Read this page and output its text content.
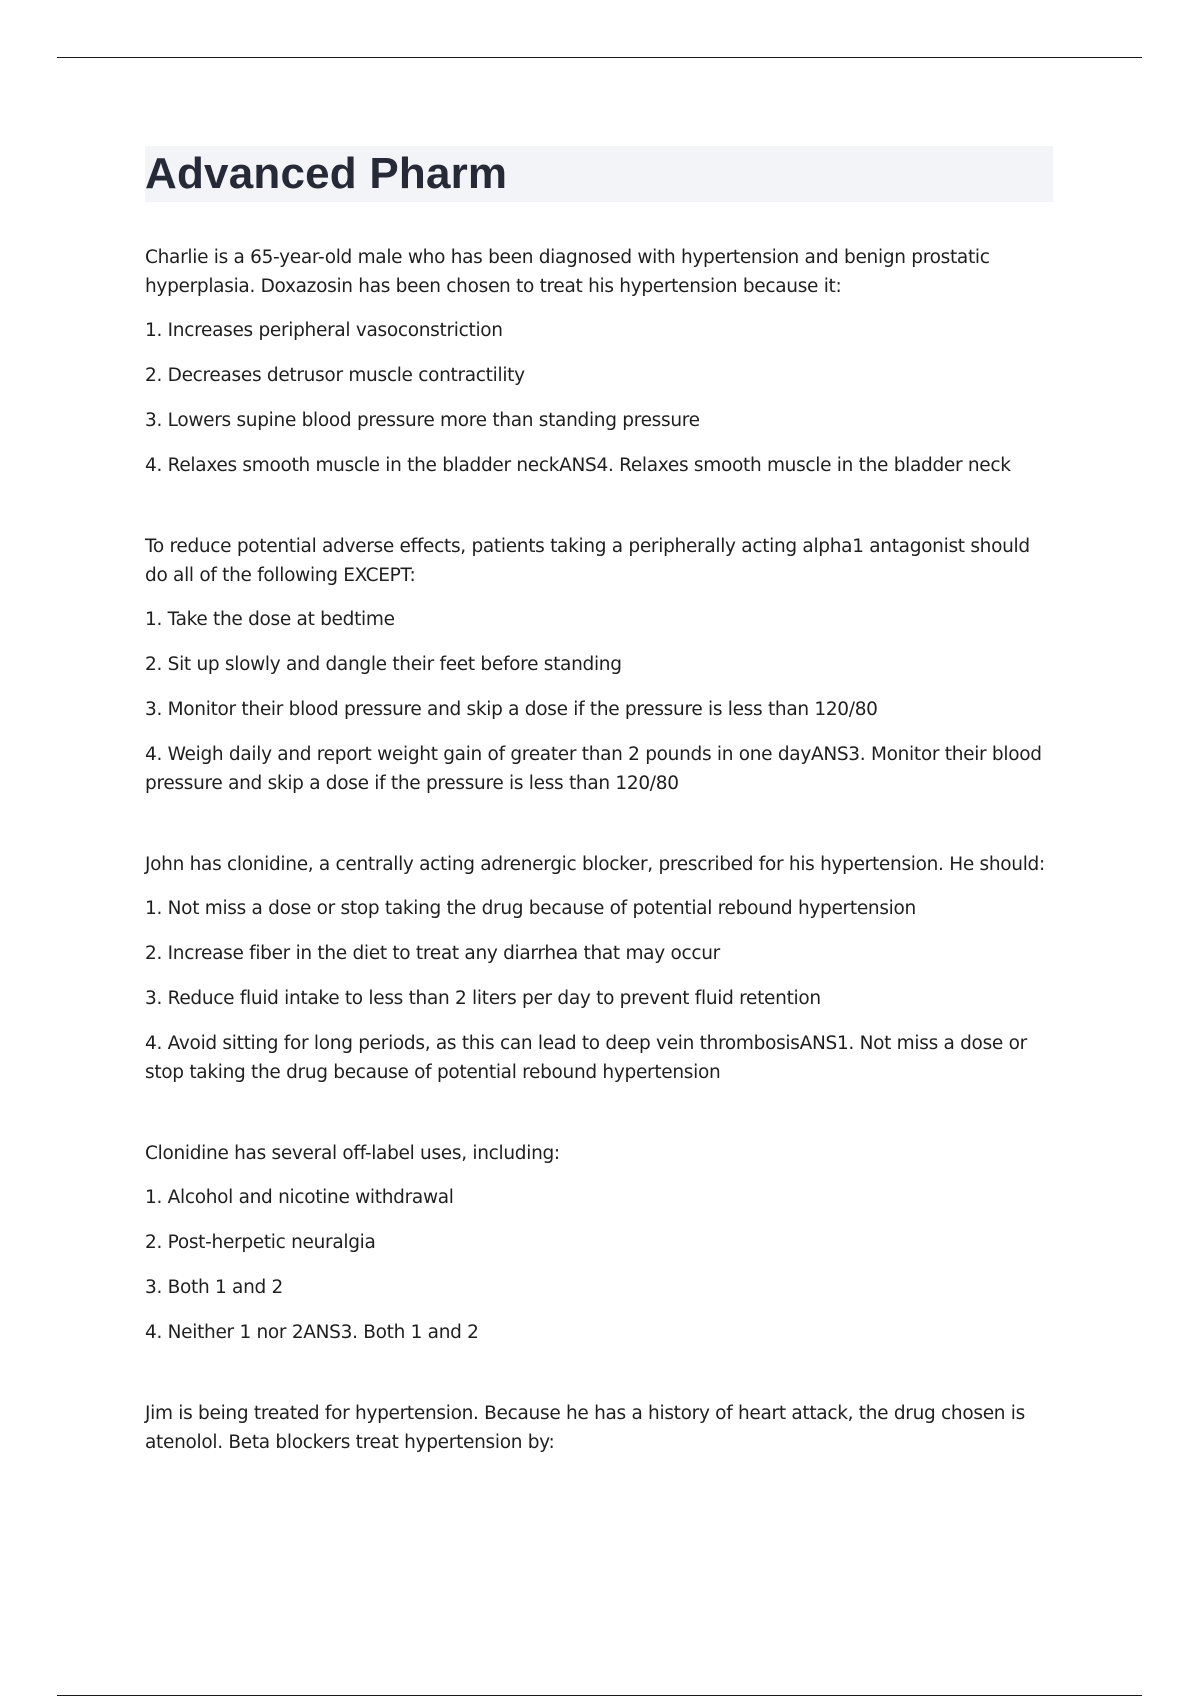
Advanced Pharm

Charlie is a 65-year-old male who has been diagnosed with hypertension and benign prostatic hyperplasia. Doxazosin has been chosen to treat his hypertension because it:

1. Increases peripheral vasoconstriction

2. Decreases detrusor muscle contractility

3. Lowers supine blood pressure more than standing pressure

4. Relaxes smooth muscle in the bladder neckANS4. Relaxes smooth muscle in the bladder neck

To reduce potential adverse effects, patients taking a peripherally acting alpha1 antagonist should do all of the following EXCEPT:

1. Take the dose at bedtime

2. Sit up slowly and dangle their feet before standing

3. Monitor their blood pressure and skip a dose if the pressure is less than 120/80

4. Weigh daily and report weight gain of greater than 2 pounds in one dayANS3. Monitor their blood pressure and skip a dose if the pressure is less than 120/80

John has clonidine, a centrally acting adrenergic blocker, prescribed for his hypertension. He should:

1. Not miss a dose or stop taking the drug because of potential rebound hypertension

2. Increase fiber in the diet to treat any diarrhea that may occur

3. Reduce fluid intake to less than 2 liters per day to prevent fluid retention

4. Avoid sitting for long periods, as this can lead to deep vein thrombosisANS1. Not miss a dose or stop taking the drug because of potential rebound hypertension

Clonidine has several off-label uses, including:

1. Alcohol and nicotine withdrawal

2. Post-herpetic neuralgia

3. Both 1 and 2

4. Neither 1 nor 2ANS3. Both 1 and 2

Jim is being treated for hypertension. Because he has a history of heart attack, the drug chosen is atenolol. Beta blockers treat hypertension by:
